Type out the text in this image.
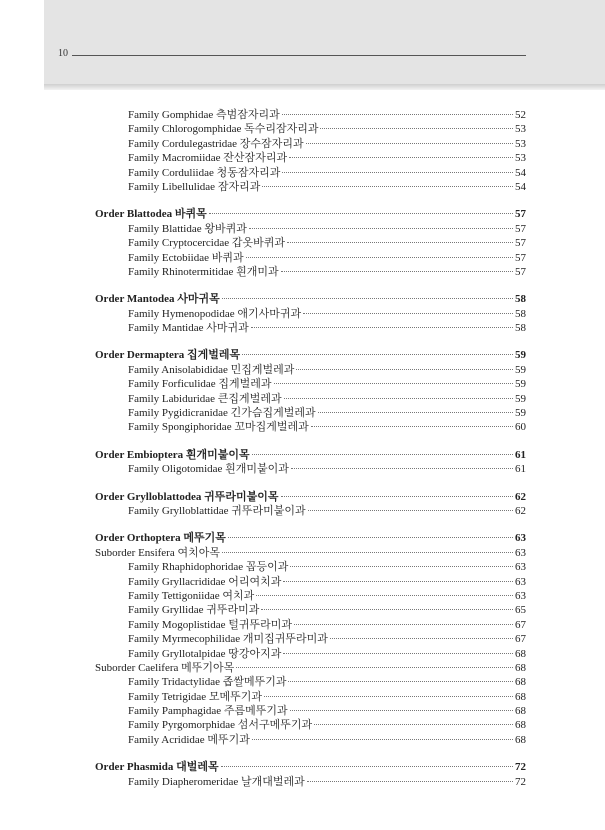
10
Family Gomphidae 측범잠자리과	52
Family Chlorogomphidae 독수리잠자리과	53
Family Cordulegastridae 장수잠자리과	53
Family Macromiidae 잔산잠자리과	53
Family Corduliidae 청동잠자리과	54
Family Libellulidae 잠자리과	54
Order Blattodea 바퀴목	57
Family Blattidae 왕바퀴과	57
Family Cryptocercidae 갑옷바퀴과	57
Family Ectobiidae 바퀴과	57
Family Rhinotermitidae 흰개미과	57
Order Mantodea 사마귀목	58
Family Hymenopodidae 애기사마귀과	58
Family Mantidae 사마귀과	58
Order Dermaptera 집게벌레목	59
Family Anisolabididae 민집게벌레과	59
Family Forficulidae 집게벌레과	59
Family Labiduridae 큰집게벌레과	59
Family Pygidicranidae 긴가슴집게벌레과	59
Family Spongiphoridae 꼬마집게벌레과	60
Order Embioptera 흰개미붙이목	61
Family Oligotomidae 흰개미붙이과	61
Order Grylloblattodea 귀뚜라미붙이목	62
Family Grylloblattidae 귀뚜라미붙이과	62
Order Orthoptera 메뚜기목	63
Suborder Ensifera 여치아목	63
Family Rhaphidophoridae 꼽등이과	63
Family Gryllacrididae 어리여치과	63
Family Tettigoniidae 여치과	63
Family Gryllidae 귀뚜라미과	65
Family Mogoplistidae 털귀뚜라미과	67
Family Myrmecophilidae 개미집귀뚜라미과	67
Family Gryllotalpidae 땅강아지과	68
Suborder Caelifera 메뚜기아목	68
Family Tridactylidae 좁쌀메뚜기과	68
Family Tetrigidae 모메뚜기과	68
Family Pamphagidae 주름메뚜기과	68
Family Pyrgomorphidae 섬서구메뚜기과	68
Family Acrididae 메뚜기과	68
Order Phasmida 대벌레목	72
Family Diapheromeridae 날개대벌레과	72
